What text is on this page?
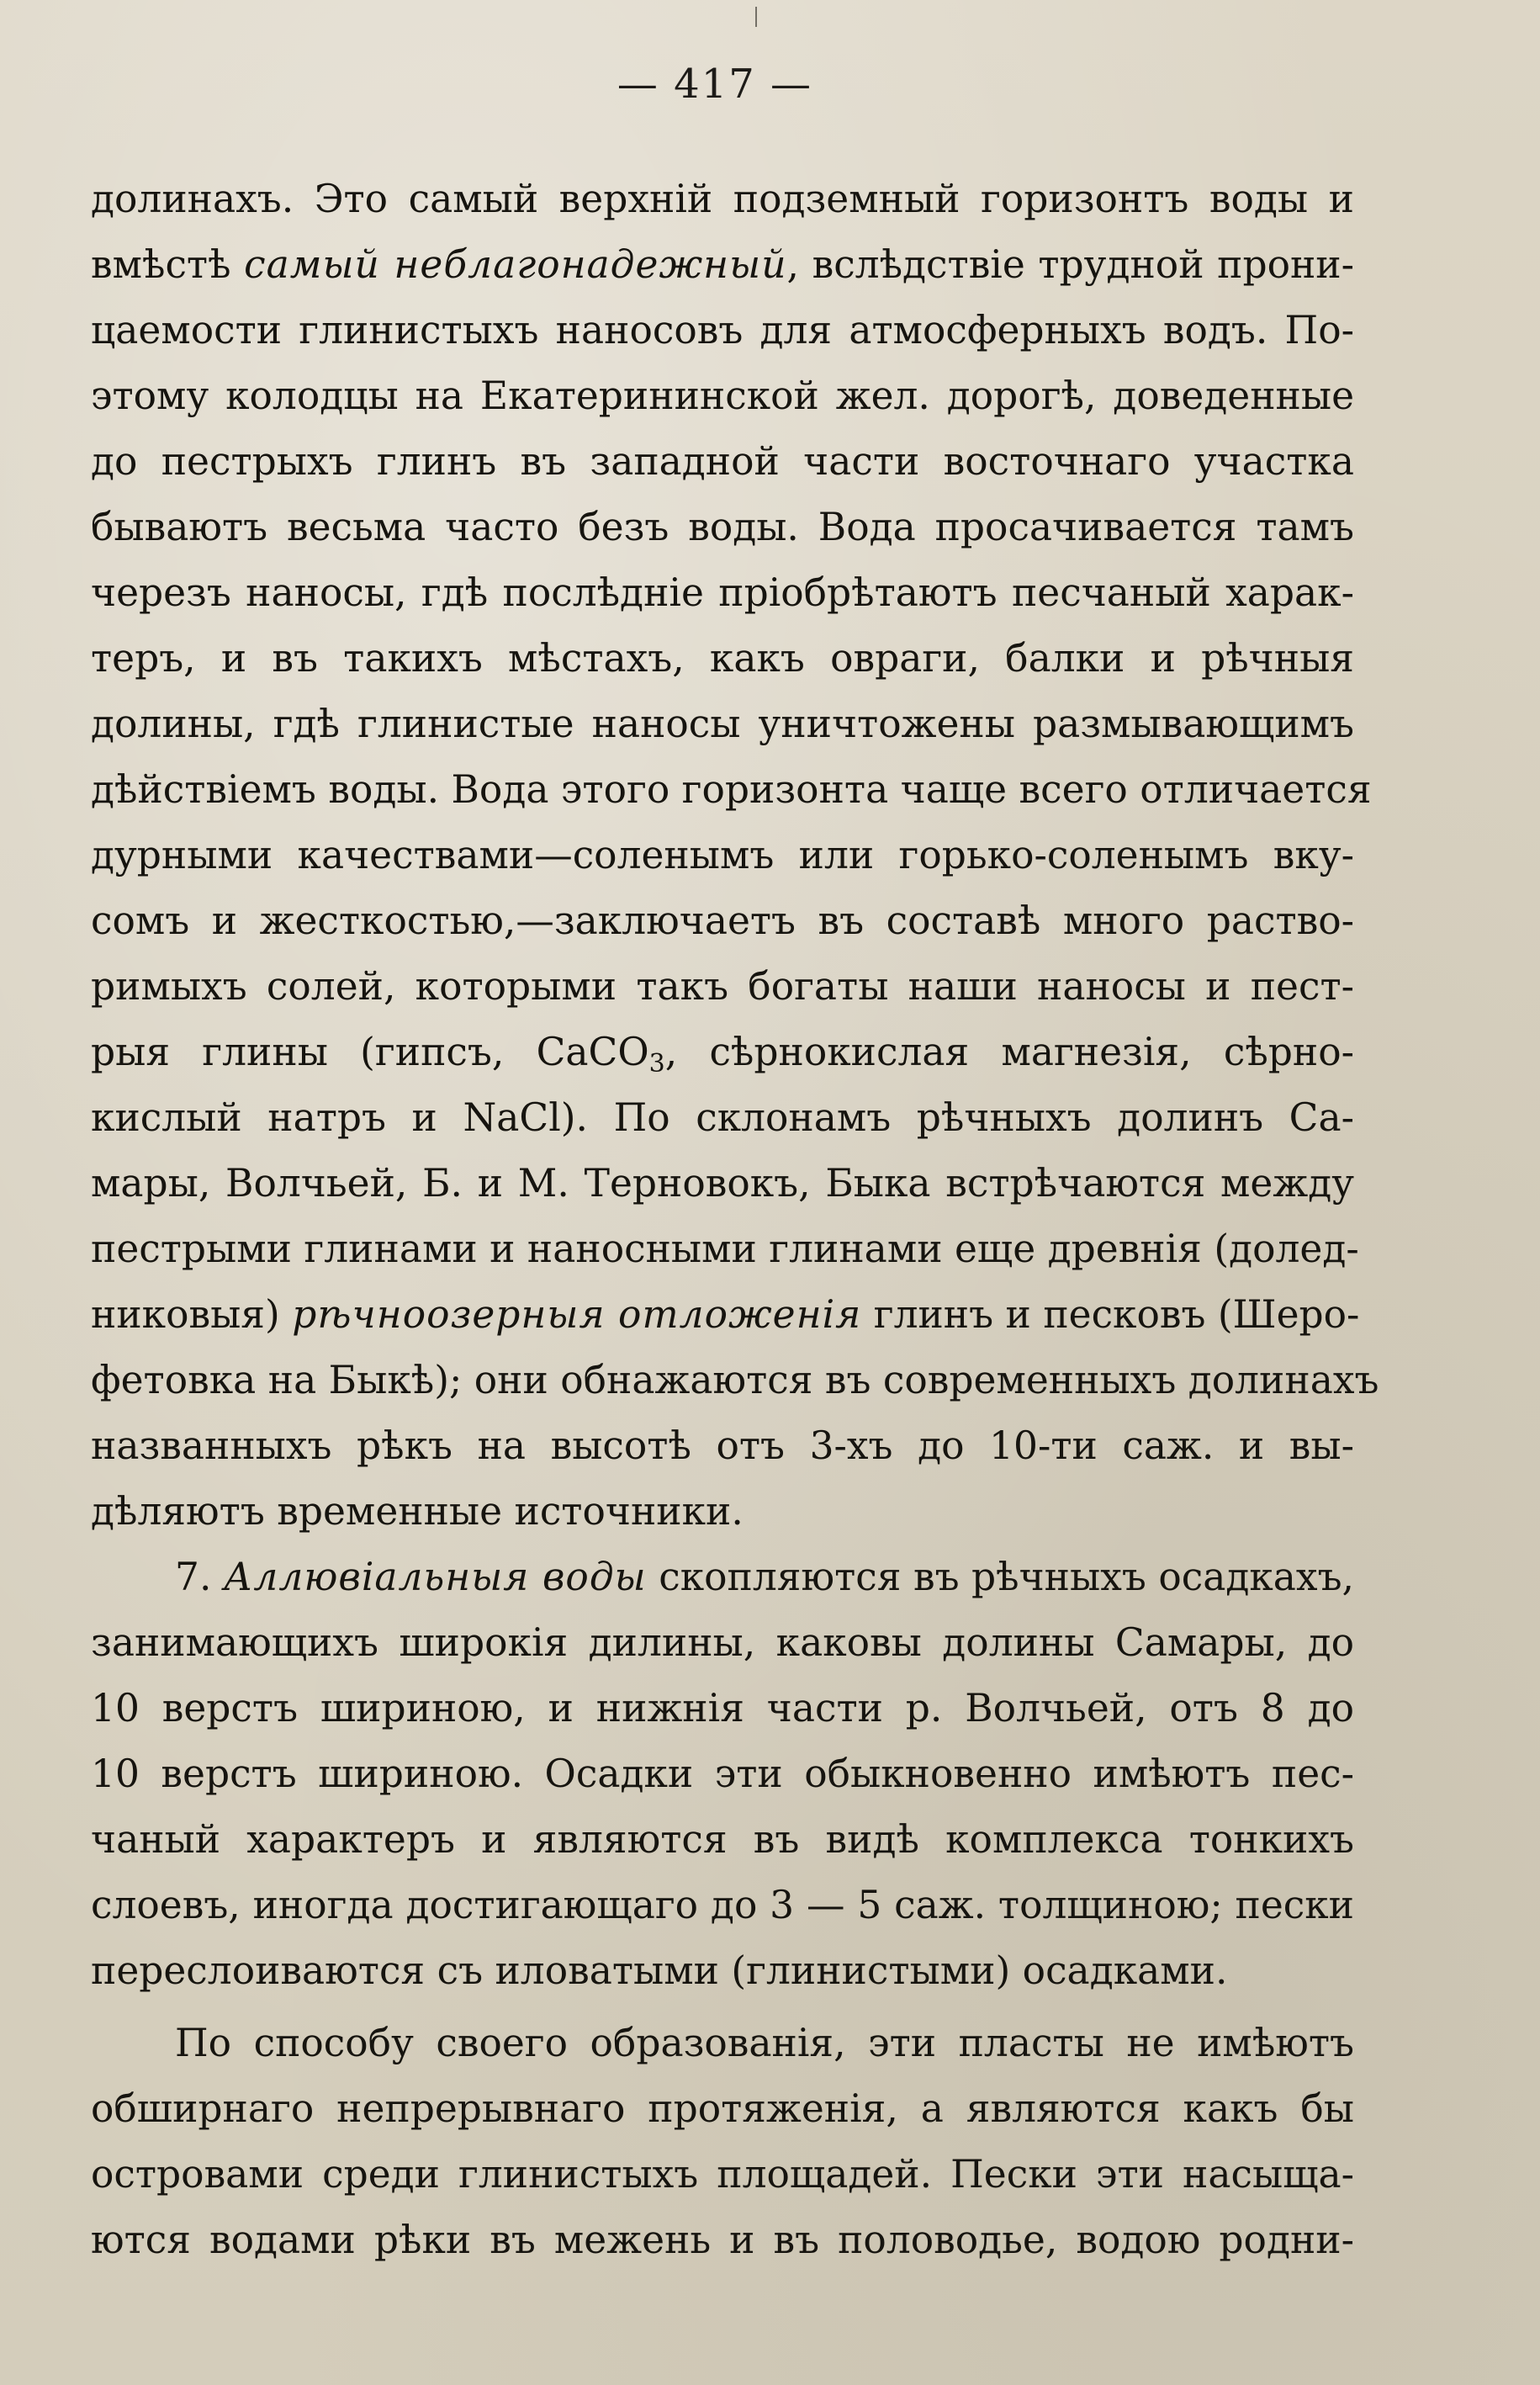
— 417 —
долинахъ. Это самый верхній подземный горизонтъ воды и
вмѣстѣ самый неблагонадежный, вслѣдствіе трудной прони-
цаемости глинистыхъ наносовъ для атмосферныхъ водъ. По-
этому колодцы на Екатерининской жел. дорогѣ, доведенные
до пестрыхъ глинъ въ западной части восточнаго участка
бываютъ весьма часто безъ воды. Вода просачивается тамъ
черезъ наносы, гдѣ послѣдніе пріобрѣтаютъ песчаный харак-
теръ, и въ такихъ мѣстахъ, какъ овраги, балки и рѣчныя
долины, гдѣ глинистые наносы уничтожены размывающимъ
дѣйствіемъ воды. Вода этого горизонта чаще всего отличается
дурными качествами—соленымъ или горько-соленымъ вку-
сомъ и жесткостью,—заключаетъ въ составѣ много раство-
римыхъ солей, которыми такъ богаты наши наносы и пест-
рыя глины (гипсъ, CaCO$_3$, сѣрнокислая магнезія, сѣрно-
кислый натръ и NaCl). По склонамъ рѣчныхъ долинъ Са-
мары, Волчьей, Б. и М. Терновокъ, Быка встрѣчаются между
пестрыми глинами и наносными глинами еще древнія (долед-
никовыя) рѣчноозерныя отложенія глинъ и песковъ (Шеро-
фетовка на Быкѣ); они обнажаются въ современныхъ долинахъ
названныхъ рѣкъ на высотѣ отъ 3-хъ до 10-ти саж. и вы-
дѣляютъ временные источники.
7. Аллювіальныя воды скопляются въ рѣчныхъ осадкахъ,
занимающихъ широкія дилины, каковы долины Самары, до
10 верстъ шириною, и нижнія части р. Волчьей, отъ 8 до
10 верстъ шириною. Осадки эти обыкновенно имѣютъ пес-
чаный характеръ и являются въ видѣ комплекса тонкихъ
слоевъ, иногда достигающаго до 3 — 5 саж. толщиною; пески
переслоиваются съ иловатыми (глинистыми) осадками.
По способу своего образованія, эти пласты не имѣютъ
обширнаго непрерывнаго протяженія, а являются какъ бы
островами среди глинистыхъ площадей. Пески эти насыща-
ются водами рѣки въ межень и въ половодье, водою родни-
